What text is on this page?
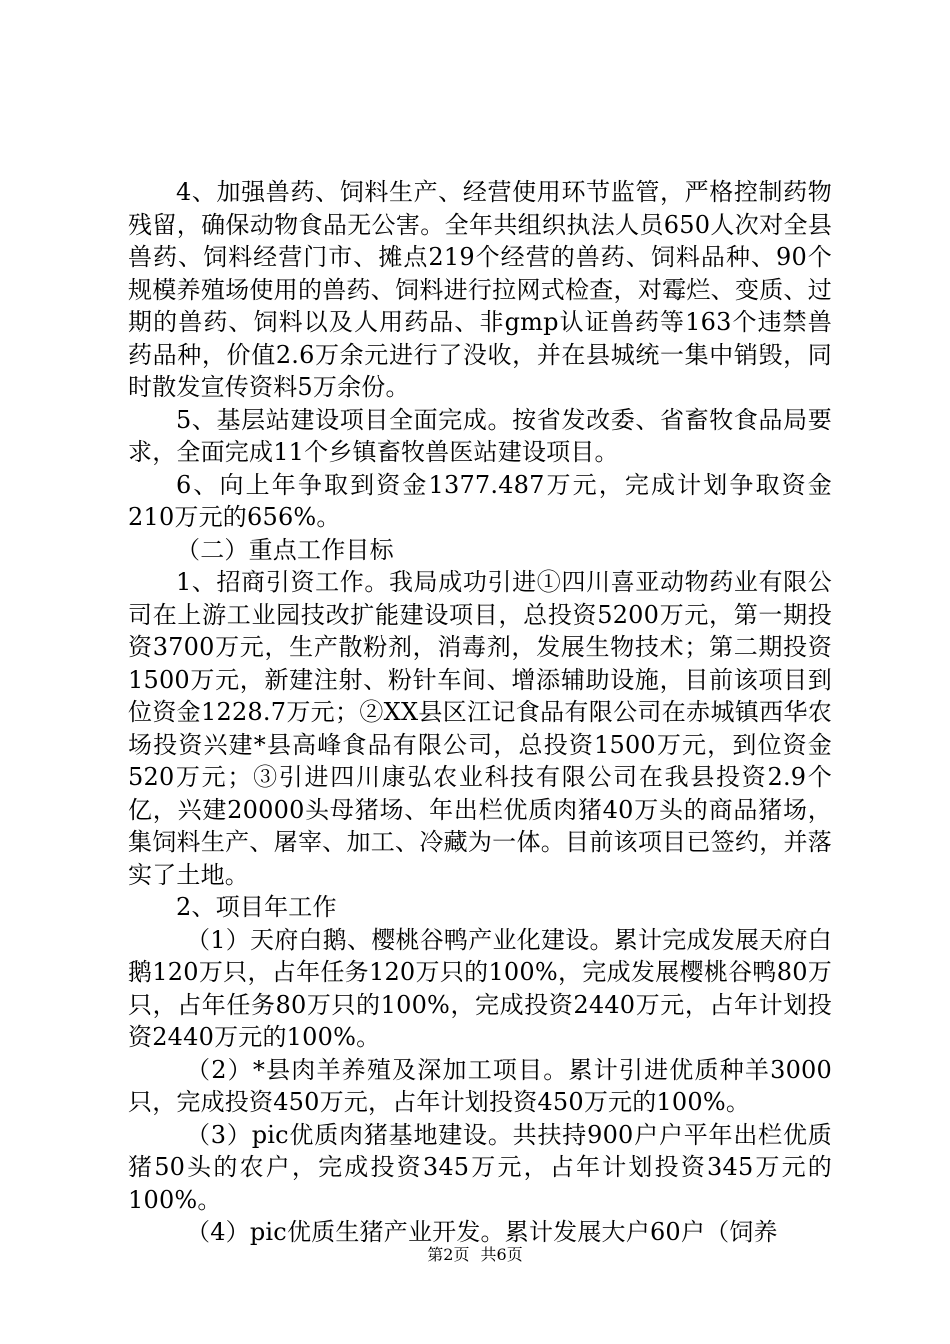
4、加强兽药、饲料生产、经营使用环节监管，严格控制药物残留，确保动物食品无公害。全年共组织执法人员650人次对全县兽药、饲料经营门市、摊点219个经营的兽药、饲料品种、90个规模养殖场使用的兽药、饲料进行拉网式检查，对霉烂、变质、过期的兽药、饲料以及人用药品、非gmp认证兽药等163个违禁兽药品种，价值2.6万余元进行了没收，并在县城统一集中销毁，同时散发宣传资料5万余份。

5、基层站建设项目全面完成。按省发改委、省畜牧食品局要求，全面完成11个乡镇畜牧兽医站建设项目。

6、向上年争取到资金1377.487万元，完成计划争取资金210万元的656%。

（二）重点工作目标

1、招商引资工作。我局成功引进①四川喜亚动物药业有限公司在上游工业园技改扩能建设项目，总投资5200万元，第一期投资3700万元，生产散粉剂，消毒剂，发展生物技术；第二期投资1500万元，新建注射、粉针车间、增添辅助设施，目前该项目到位资金1228.7万元；②XX县区江记食品有限公司在赤城镇西华农场投资兴建*县高峰食品有限公司，总投资1500万元，到位资金520万元；③引进四川康弘农业科技有限公司在我县投资2.9个亿，兴建20000头母猪场、年出栏优质肉猪40万头的商品猪场，集饲料生产、屠宰、加工、冷藏为一体。目前该项目已签约，并落实了土地。

2、项目年工作

（1）天府白鹅、樱桃谷鸭产业化建设。累计完成发展天府白鹅120万只，占年任务120万只的100%，完成发展樱桃谷鸭80万只，占年任务80万只的100%，完成投资2440万元，占年计划投资2440万元的100%。

（2）*县肉羊养殖及深加工项目。累计引进优质种羊3000只，完成投资450万元，占年计划投资450万元的100%。

（3）pic优质肉猪基地建设。共扶持900户户平年出栏优质猪50头的农户，完成投资345万元，占年计划投资345万元的100%。

（4）pic优质生猪产业开发。累计发展大户60户（饲养

第2页 共6页
